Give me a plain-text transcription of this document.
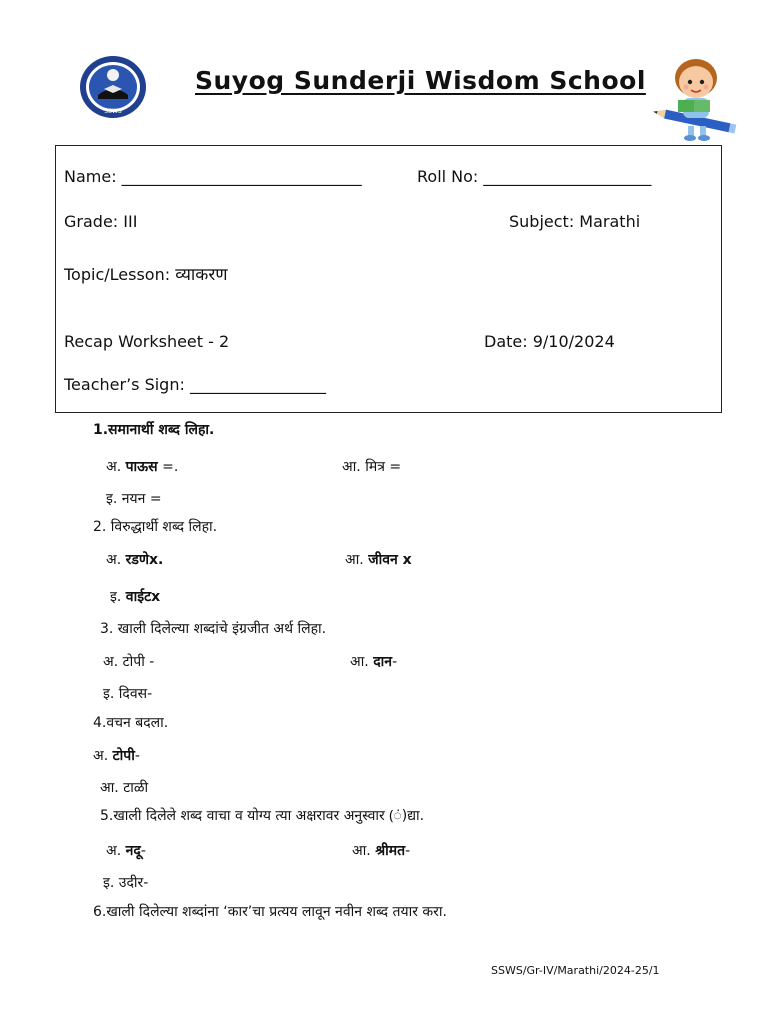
SSWS
Suyog Sunderji Wisdom School
Name: ______________________________	Roll No: _____________________
Grade: III	Subject: Marathi
Topic/Lesson: व्याकरण
Recap Worksheet - 2	Date: 9/10/2024
Teacher’s Sign: _________________
1.समानार्थी शब्द लिहा.
अ. पाऊस =.	आ. मित्र =
इ. नयन =
2. विरुद्धार्थी शब्द लिहा.
अ. रडणेx.	आ. जीवन x
इ. वाईटx
3. खाली दिलेल्या शब्दांचे इंग्रजीत अर्थ लिहा.
अ. टोपी -	आ. दान-
इ. दिवस-
4.वचन बदला.
अ. टोपी-
आ. टाळी
5.खाली दिलेले शब्द वाचा व योग्य त्या अक्षरावर अनुस्वार (ं)द्या.
अ. नदू-	आ. श्रीमत-
इ. उदीर-
6.खाली दिलेल्या शब्दांना ‘कार’चा प्रत्यय लावून नवीन शब्द तयार करा.
SSWS/Gr-IV/Marathi/2024-25/1
